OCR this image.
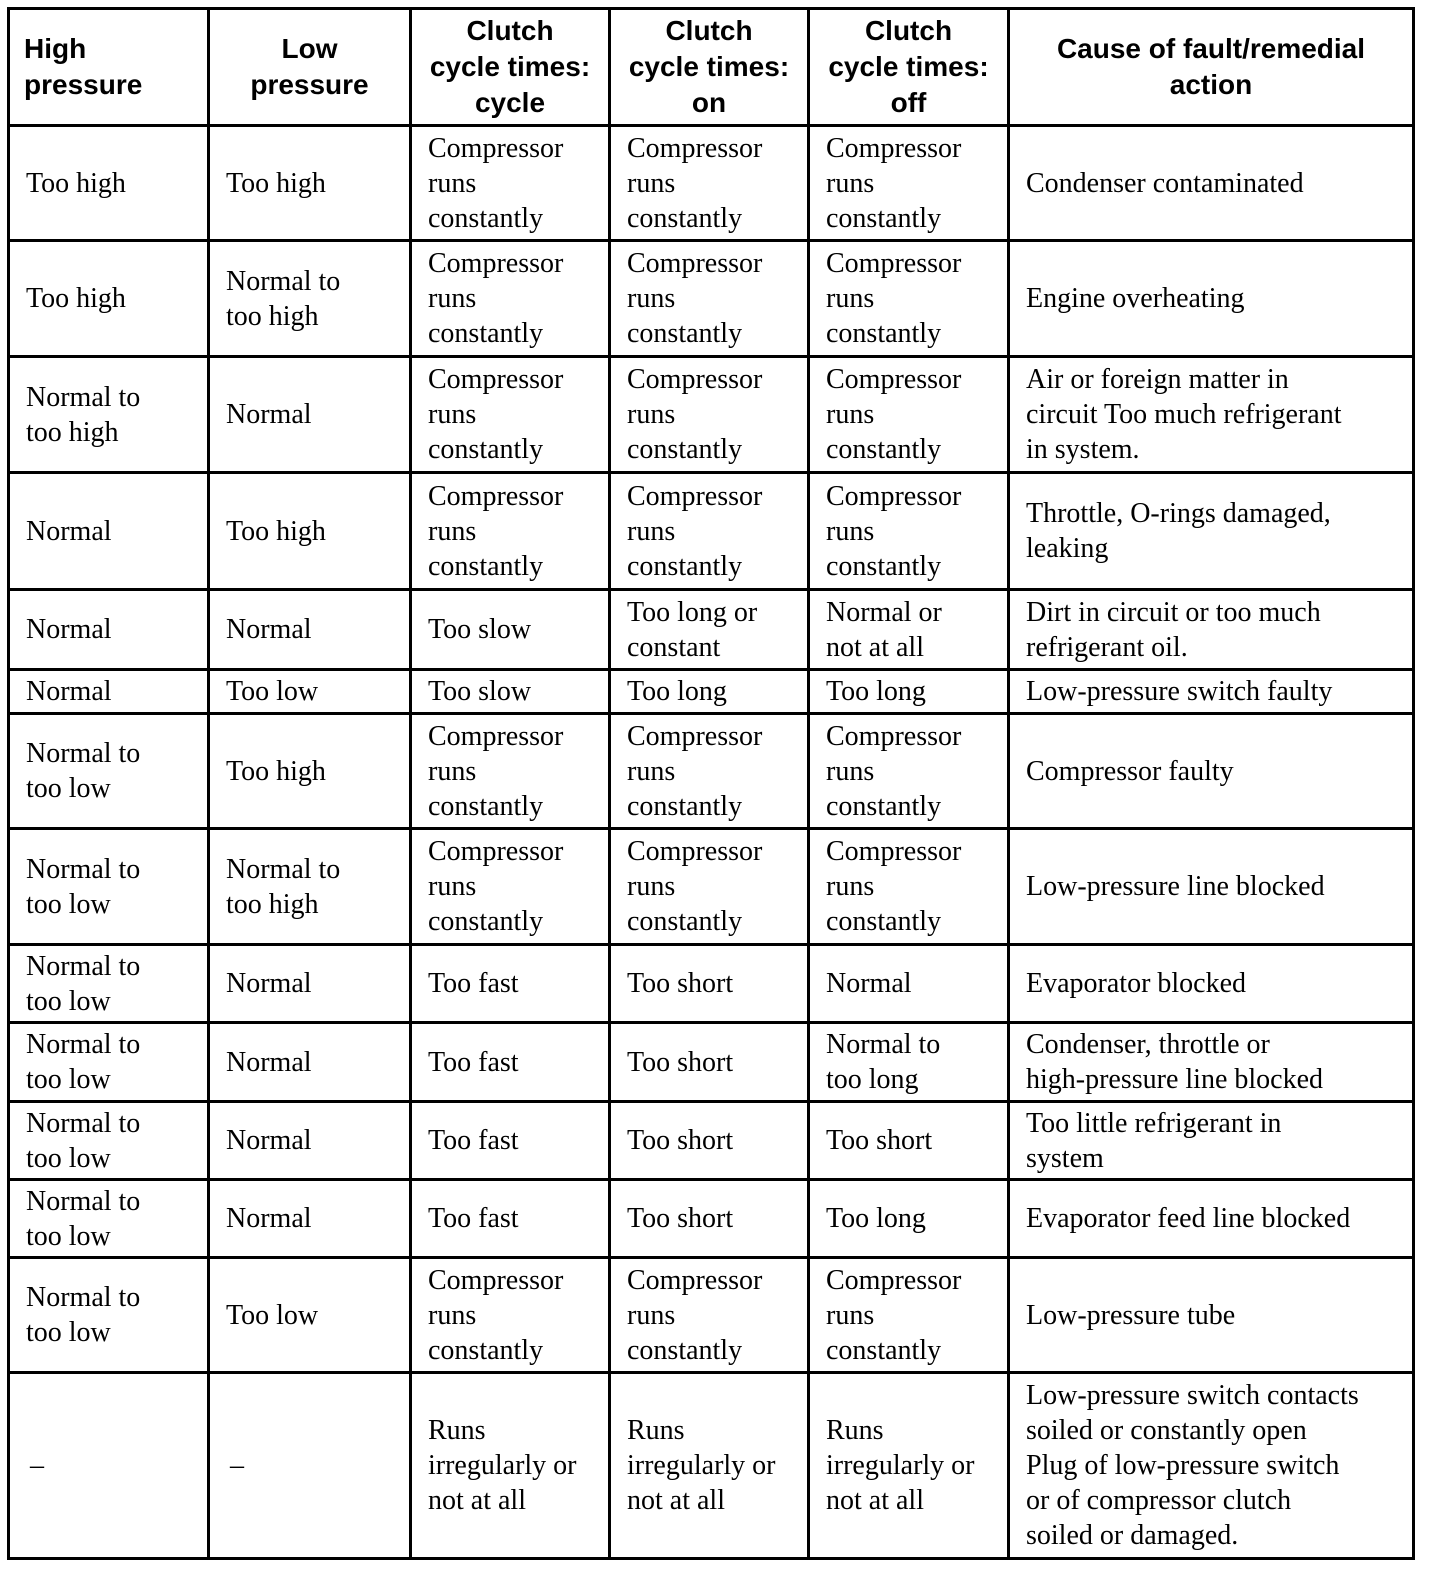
High
pressure	Low
pressure	Clutch
cycle times:
cycle	Clutch
cycle times:
on	Clutch
cycle times:
off	Cause of fault/remedial
action
Too high	Too high	Compressor
runs
constantly	Compressor
runs
constantly	Compressor
runs
constantly	Condenser contaminated
Too high	Normal to
too high	Compressor
runs
constantly	Compressor
runs
constantly	Compressor
runs
constantly	Engine overheating
Normal to
too high	Normal	Compressor
runs
constantly	Compressor
runs
constantly	Compressor
runs
constantly	Air or foreign matter in
circuit Too much refrigerant
in system.
Normal	Too high	Compressor
runs
constantly	Compressor
runs
constantly	Compressor
runs
constantly	Throttle, O-rings damaged,
leaking
Normal	Normal	Too slow	Too long or
constant	Normal or
not at all	Dirt in circuit or too much
refrigerant oil.
Normal	Too low	Too slow	Too long	Too long	Low-pressure switch faulty
Normal to
too low	Too high	Compressor
runs
constantly	Compressor
runs
constantly	Compressor
runs
constantly	Compressor faulty
Normal to
too low	Normal to
too high	Compressor
runs
constantly	Compressor
runs
constantly	Compressor
runs
constantly	Low-pressure line blocked
Normal to
too low	Normal	Too fast	Too short	Normal	Evaporator blocked
Normal to
too low	Normal	Too fast	Too short	Normal to
too long	Condenser, throttle or
high-pressure line blocked
Normal to
too low	Normal	Too fast	Too short	Too short	Too little refrigerant in
system
Normal to
too low	Normal	Too fast	Too short	Too long	Evaporator feed line blocked
Normal to
too low	Too low	Compressor
runs
constantly	Compressor
runs
constantly	Compressor
runs
constantly	Low-pressure tube
–	–	Runs
irregularly or
not at all	Runs
irregularly or
not at all	Runs
irregularly or
not at all	Low-pressure switch contacts
soiled or constantly open
Plug of low-pressure switch
or of compressor clutch
soiled or damaged.
